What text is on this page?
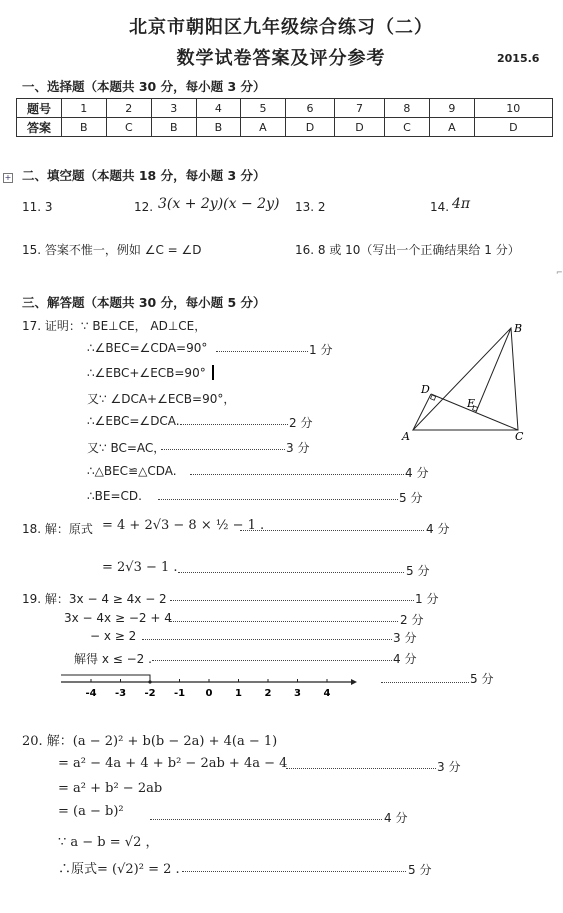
北京市朝阳区九年级综合练习（二）
数学试卷答案及评分参考	2015.6
一、选择题（本题共 30 分，每小题 3 分）
题号	1	2	3	4	5	6	7	8	9	10
答案	B	C	B	B	A	D	D	C	A	D
+ 二、填空题（本题共 18 分，每小题 3 分）
11. 3	12. 3(x + 2y)(x − 2y) 13. 2	14. 4π
15. 答案不惟一，例如 ∠C = ∠D	16. 8 或 10（写出一个正确结果给 1 分）
⌐
三、解答题（本题共 30 分，每小题 5 分）
17. 证明：∵ BE⊥CE， AD⊥CE，
∴∠BEC=∠CDA=90°	1 分
∴∠EBC+∠ECB=90°
又∵ ∠DCA+∠ECB=90°，
∴∠EBC=∠DCA.	2 分
又∵ BC=AC，	3 分
∴△BEC≌△CDA.	4 分
∴BE=CD.	5 分
A
B
C
D
E
18. 解：原式 = 4 + 2√3 − 8 × ½ − 1 .	4 分
= 2√3 − 1 .	5 分
19. 解：3x − 4 ≥ 4x − 2	1 分
3x − 4x ≥ −2 + 4	2 分
− x ≥ 2	3 分
解得 x ≤ −2 .	4 分
-4 -3 -2 -1 0 1 2 3 4
5 分
20. 解：(a − 2)² + b(b − 2a) + 4(a − 1)
= a² − 4a + 4 + b² − 2ab + 4a − 4	3 分
= a² + b² − 2ab
= (a − b)²	4 分
∵ a − b = √2 ，
∴原式= (√2)² = 2 .	5 分
